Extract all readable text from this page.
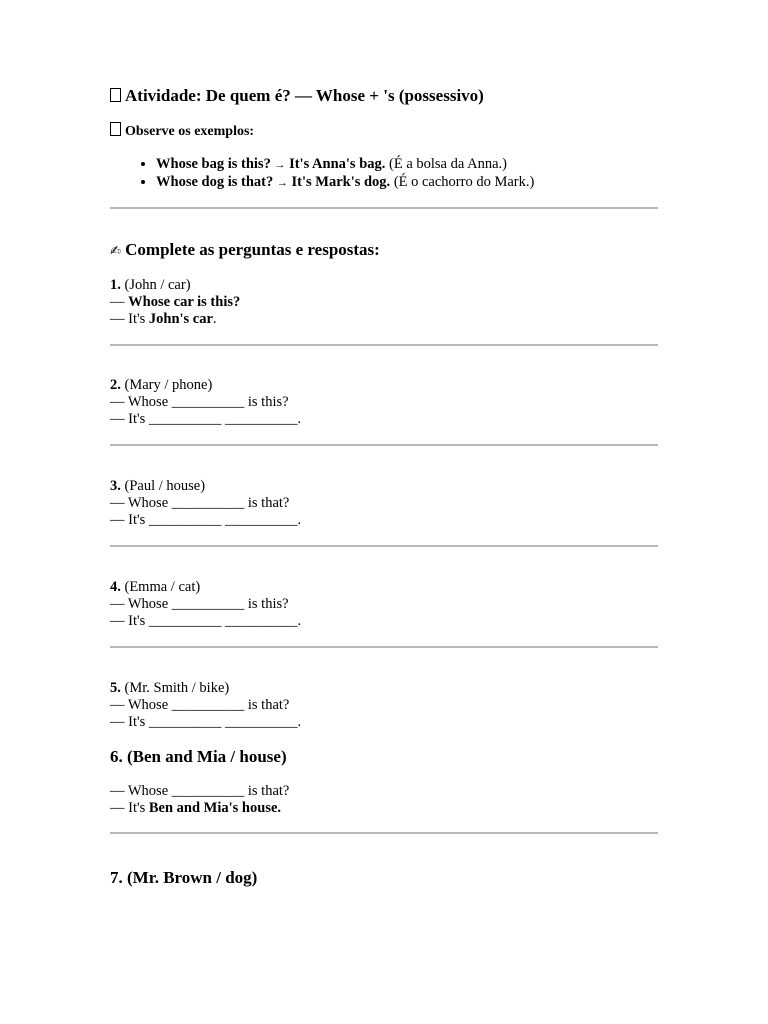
Atividade: De quem é? — Whose + 's (possessivo)
Observe os exemplos:
• Whose bag is this? → It's Anna's bag. (É a bolsa da Anna.)
• Whose dog is that? → It's Mark's dog. (É o cachorro do Mark.)
✍ Complete as perguntas e respostas:
1. (John / car)
— Whose car is this?
— It's John's car.
2. (Mary / phone)
— Whose __________ is this?
— It's __________ __________.
3. (Paul / house)
— Whose __________ is that?
— It's __________ __________.
4. (Emma / cat)
— Whose __________ is this?
— It's __________ __________.
5. (Mr. Smith / bike)
— Whose __________ is that?
— It's __________ __________.
6. (Ben and Mia / house)
— Whose __________ is that?
— It's Ben and Mia's house.
7. (Mr. Brown / dog)
